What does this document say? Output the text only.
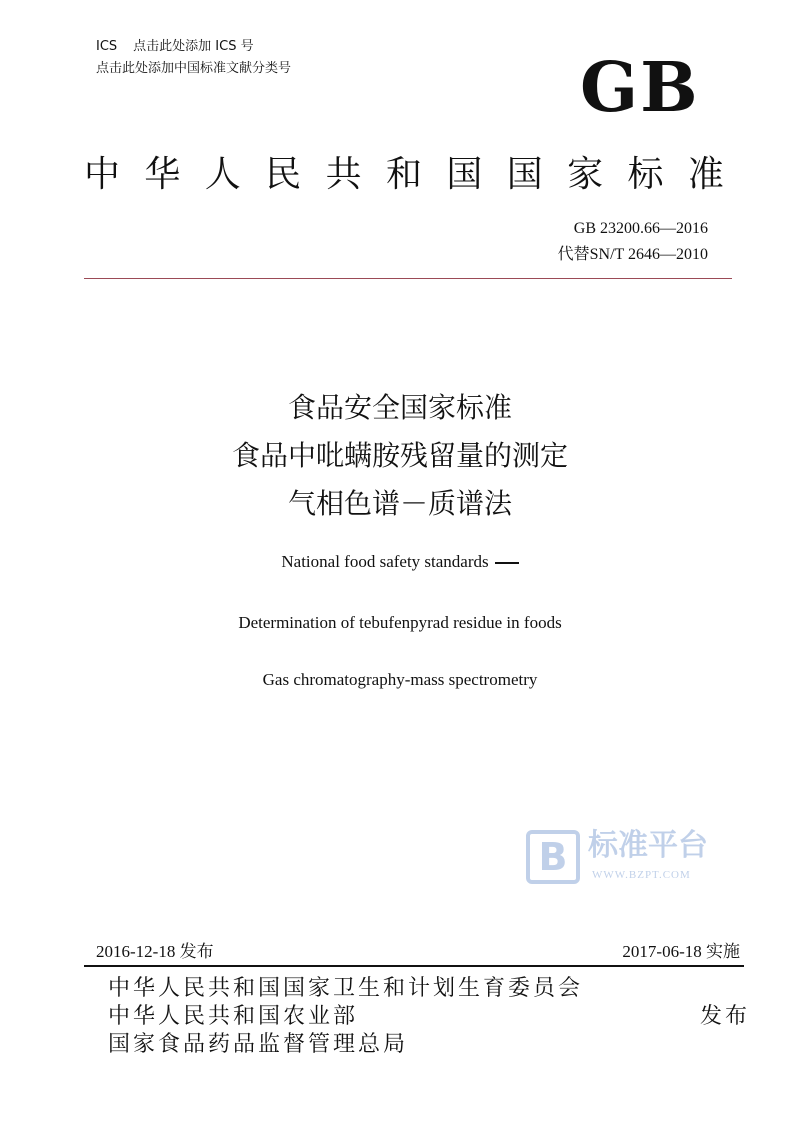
ICS 点击此处添加 ICS 号
点击此处添加中国标准文献分类号	GB
中 华 人 民 共 和 国 国 家 标 准
GB 23200.66—2016
代替SN/T 2646—2010
食品安全国家标准
食品中吡螨胺残留量的测定
气相色谱－质谱法
National food safety standards
Determination of tebufenpyrad residue in foods
Gas chromatography-mass spectrometry
B 标准平台
WWW.BZPT.COM
2016-12-18 发布	2017-06-18 实施
中华人民共和国国家卫生和计划生育委员会
中华人民共和国农业部
国家食品药品监督管理总局
发布
